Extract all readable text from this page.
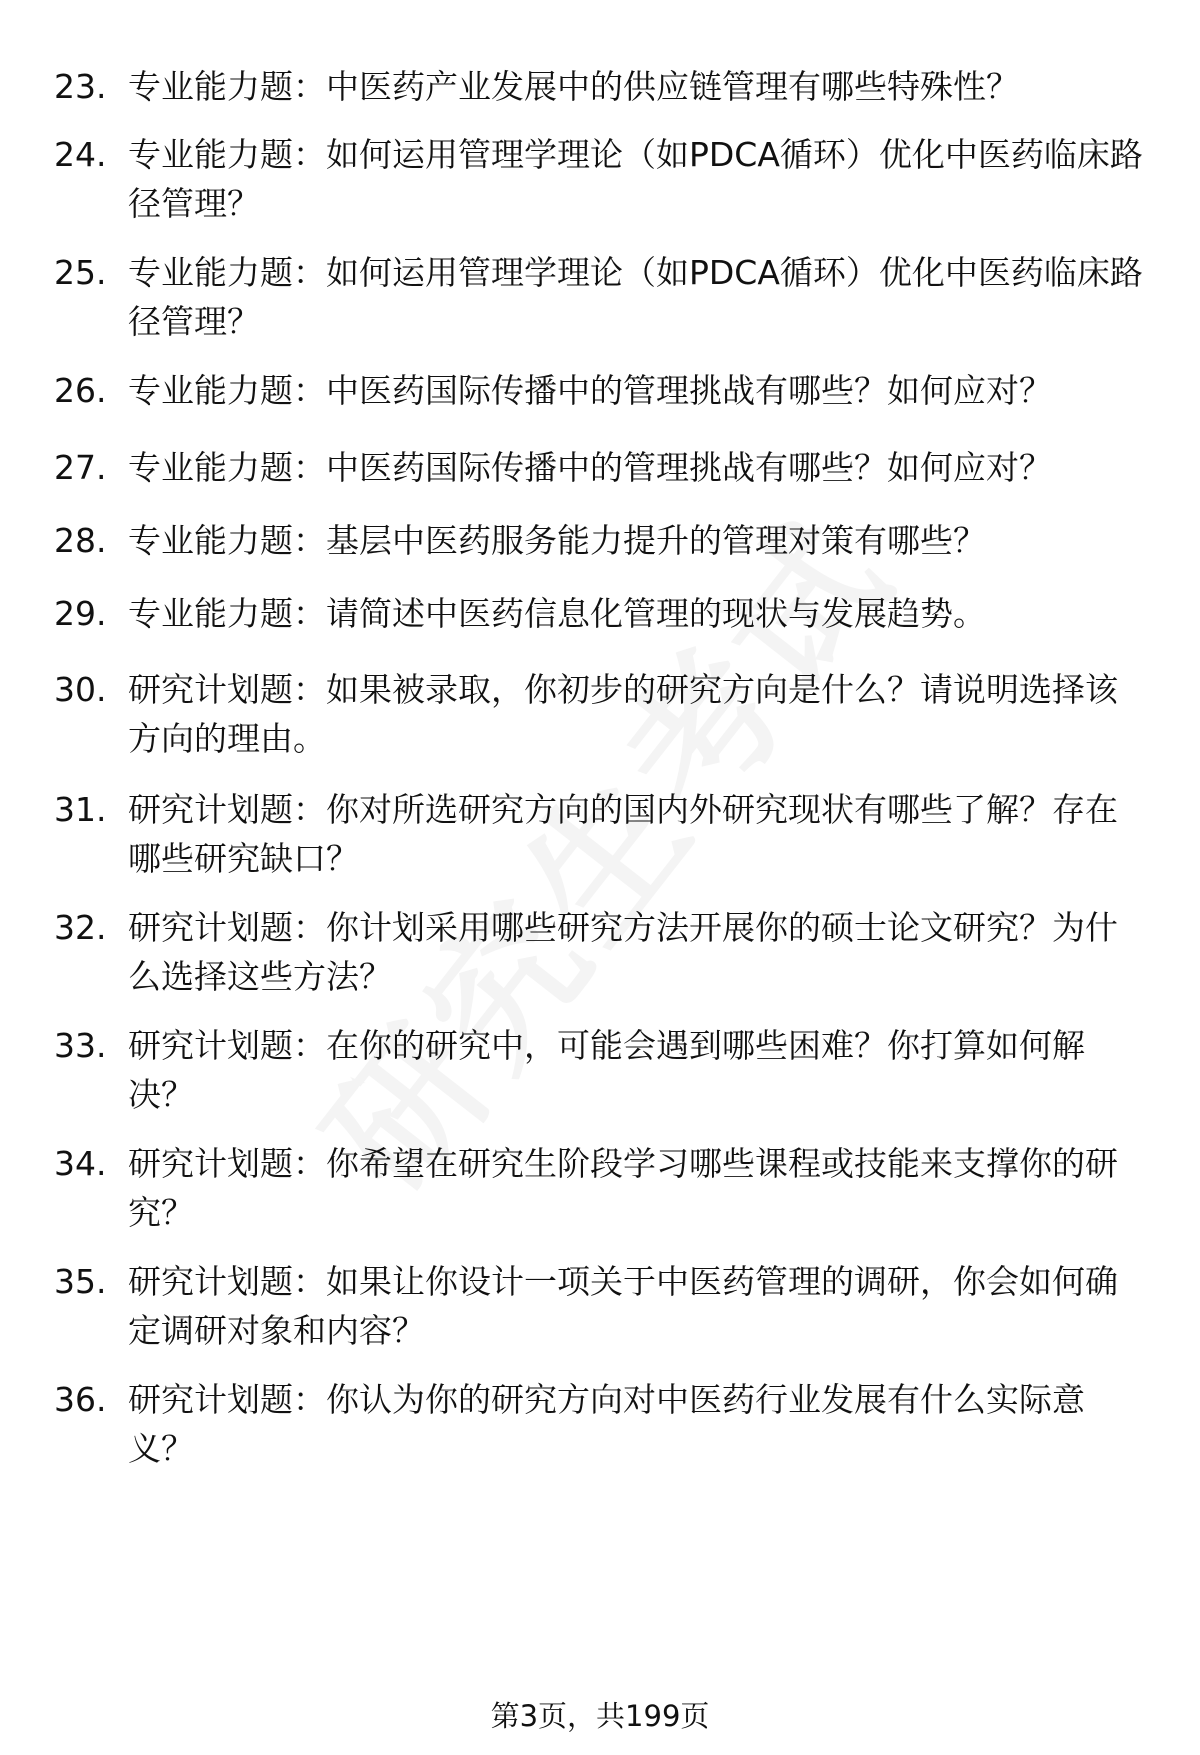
23. 专业能力题：中医药产业发展中的供应链管理有哪些特殊性？
24. 专业能力题：如何运用管理学理论（如PDCA循环）优化中医药临床路径管理？
25. 专业能力题：如何运用管理学理论（如PDCA循环）优化中医药临床路径管理？
26. 专业能力题：中医药国际传播中的管理挑战有哪些？如何应对？
27. 专业能力题：中医药国际传播中的管理挑战有哪些？如何应对？
28. 专业能力题：基层中医药服务能力提升的管理对策有哪些？
29. 专业能力题：请简述中医药信息化管理的现状与发展趋势。
30. 研究计划题：如果被录取，你初步的研究方向是什么？请说明选择该方向的理由。
31. 研究计划题：你对所选研究方向的国内外研究现状有哪些了解？存在哪些研究缺口？
32. 研究计划题：你计划采用哪些研究方法开展你的硕士论文研究？为什么选择这些方法？
33. 研究计划题：在你的研究中，可能会遇到哪些困难？你打算如何解决？
34. 研究计划题：你希望在研究生阶段学习哪些课程或技能来支撑你的研究？
35. 研究计划题：如果让你设计一项关于中医药管理的调研，你会如何确定调研对象和内容？
36. 研究计划题：你认为你的研究方向对中医药行业发展有什么实际意义？
第3页，共199页
